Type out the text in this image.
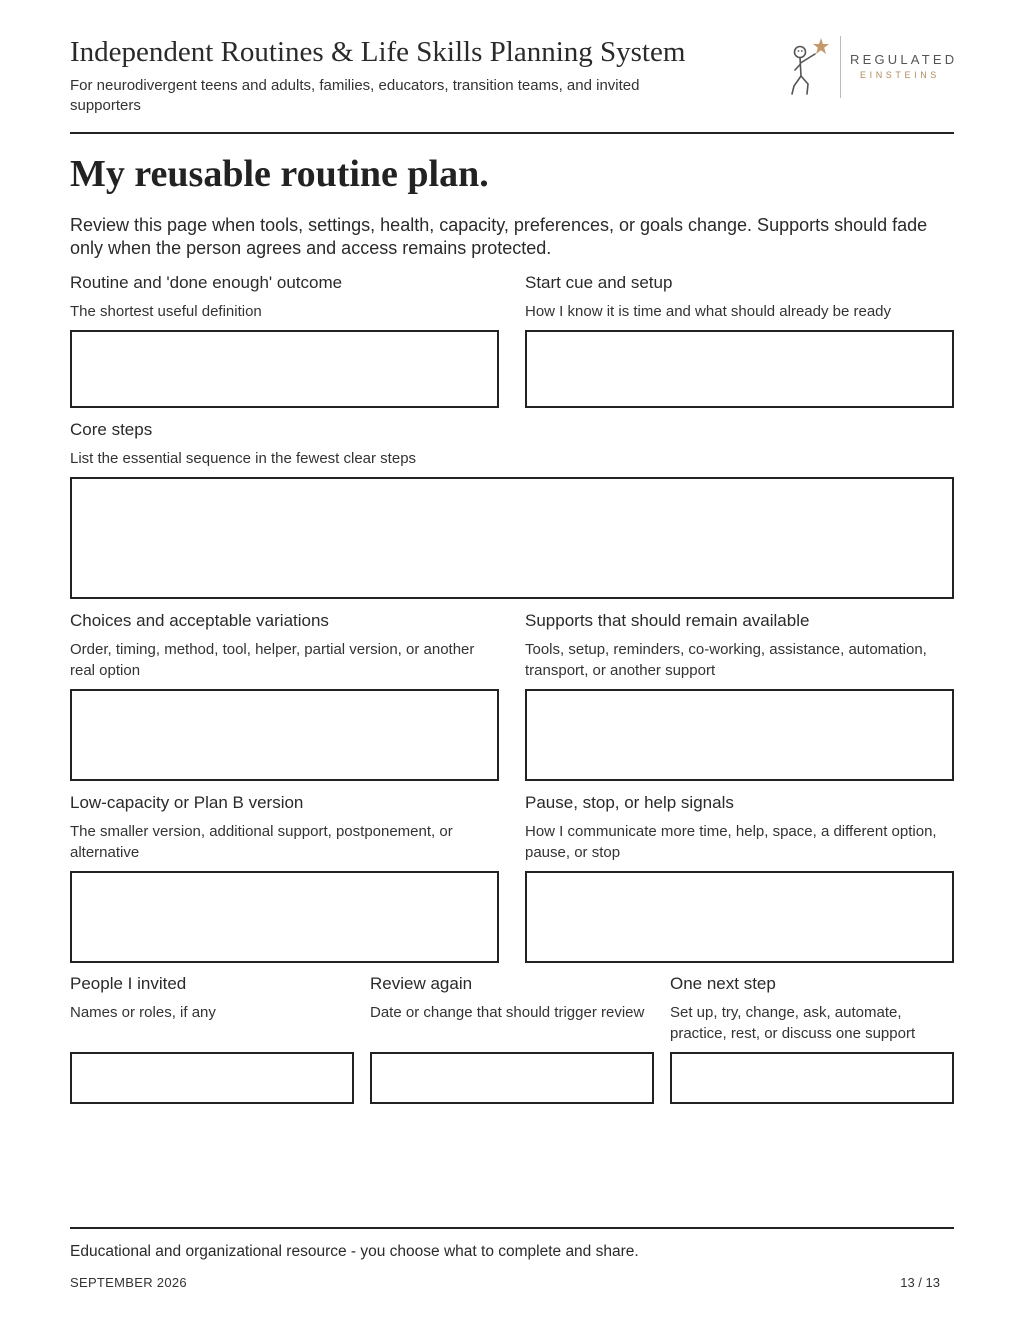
Independent Routines & Life Skills Planning System
For neurodivergent teens and adults, families, educators, transition teams, and invited supporters
REGULATED
EINSTEINS
My reusable routine plan.

Review this page when tools, settings, health, capacity, preferences, or goals change. Supports should fade only when the person agrees and access remains protected.

Routine and 'done enough' outcome
The shortest useful definition
Start cue and setup
How I know it is time and what should already be ready
Core steps
List the essential sequence in the fewest clear steps
Choices and acceptable variations
Order, timing, method, tool, helper, partial version, or another real option
Supports that should remain available
Tools, setup, reminders, co-working, assistance, automation, transport, or another support
Low-capacity or Plan B version
The smaller version, additional support, postponement, or alternative
Pause, stop, or help signals
How I communicate more time, help, space, a different option, pause, or stop
People I invited
Names or roles, if any
Review again
Date or change that should trigger review
One next step
Set up, try, change, ask, automate, practice, rest, or discuss one support
Educational and organizational resource - you choose what to complete and share.
SEPTEMBER 2026	13 / 13
